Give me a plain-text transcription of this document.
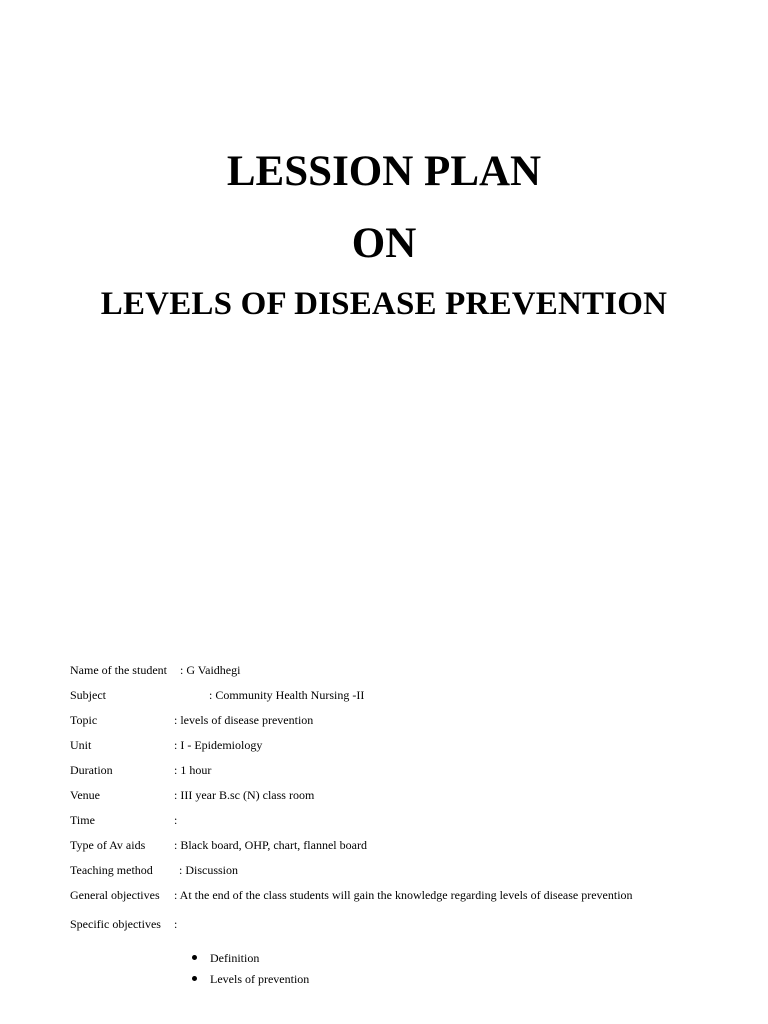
LESSION PLAN
ON
LEVELS OF DISEASE PREVENTION
Name of the student : G Vaidhegi
Subject	: Community Health Nursing -II
Topic	: levels of disease prevention
Unit	: I - Epidemiology
Duration	: 1 hour
Venue	: III year B.sc (N) class room
Time	:
Type of Av aids : Black board, OHP, chart, flannel board
Teaching method : Discussion
General objectives : At the end of the class students will gain the knowledge regarding levels of disease prevention
Specific objectives :
Definition
Levels of prevention
